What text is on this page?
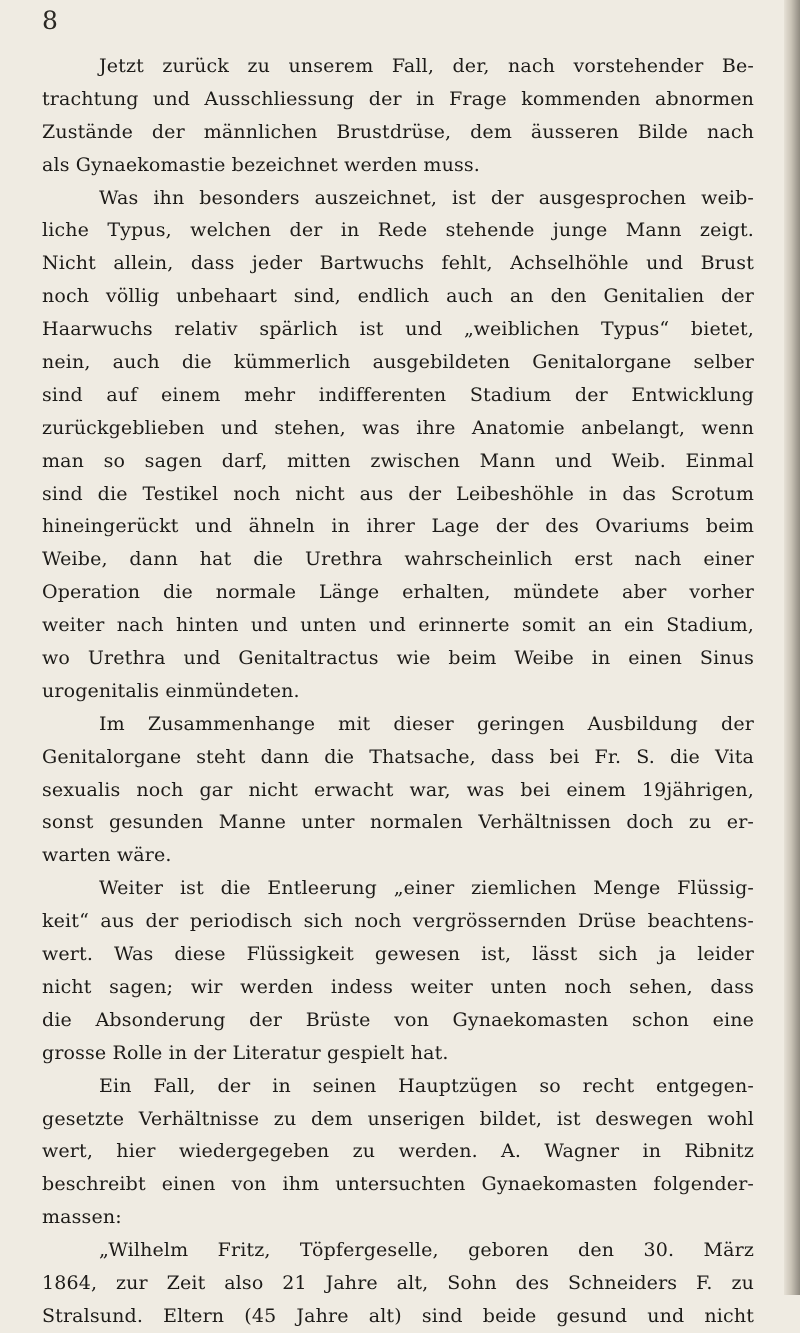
8
Jetzt zurück zu unserem Fall, der, nach vorstehender Be-
trachtung und Ausschliessung der in Frage kommenden abnormen
Zustände der männlichen Brustdrüse, dem äusseren Bilde nach
als Gynaekomastie bezeichnet werden muss.
Was ihn besonders auszeichnet, ist der ausgesprochen weib-
liche Typus, welchen der in Rede stehende junge Mann zeigt.
Nicht allein, dass jeder Bartwuchs fehlt, Achselhöhle und Brust
noch völlig unbehaart sind, endlich auch an den Genitalien der
Haarwuchs relativ spärlich ist und „weiblichen Typus“ bietet,
nein, auch die kümmerlich ausgebildeten Genitalorgane selber
sind auf einem mehr indifferenten Stadium der Entwicklung
zurückgeblieben und stehen, was ihre Anatomie anbelangt, wenn
man so sagen darf, mitten zwischen Mann und Weib. Einmal
sind die Testikel noch nicht aus der Leibeshöhle in das Scrotum
hineingerückt und ähneln in ihrer Lage der des Ovariums beim
Weibe, dann hat die Urethra wahrscheinlich erst nach einer
Operation die normale Länge erhalten, mündete aber vorher
weiter nach hinten und unten und erinnerte somit an ein Stadium,
wo Urethra und Genitaltractus wie beim Weibe in einen Sinus
urogenitalis einmündeten.
Im Zusammenhange mit dieser geringen Ausbildung der
Genitalorgane steht dann die Thatsache, dass bei Fr. S. die Vita
sexualis noch gar nicht erwacht war, was bei einem 19jährigen,
sonst gesunden Manne unter normalen Verhältnissen doch zu er-
warten wäre.
Weiter ist die Entleerung „einer ziemlichen Menge Flüssig-
keit“ aus der periodisch sich noch vergrössernden Drüse beachtens-
wert. Was diese Flüssigkeit gewesen ist, lässt sich ja leider
nicht sagen; wir werden indess weiter unten noch sehen, dass
die Absonderung der Brüste von Gynaekomasten schon eine
grosse Rolle in der Literatur gespielt hat.
Ein Fall, der in seinen Hauptzügen so recht entgegen-
gesetzte Verhältnisse zu dem unserigen bildet, ist deswegen wohl
wert, hier wiedergegeben zu werden. A. Wagner in Ribnitz
beschreibt einen von ihm untersuchten Gynaekomasten folgender-
massen:
„Wilhelm Fritz, Töpfergeselle, geboren den 30. März
1864, zur Zeit also 21 Jahre alt, Sohn des Schneiders F. zu
Stralsund. Eltern (45 Jahre alt) sind beide gesund und nicht
